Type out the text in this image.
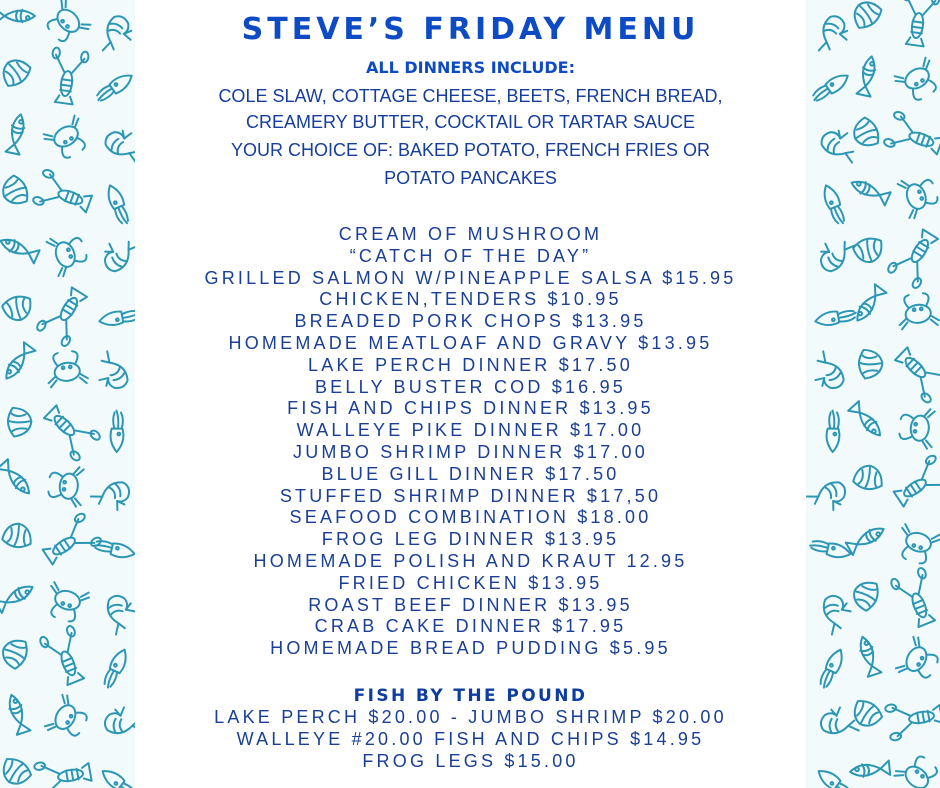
STEVE’S FRIDAY MENU
ALL DINNERS INCLUDE:
COLE SLAW, COTTAGE CHEESE, BEETS, FRENCH BREAD,
CREAMERY BUTTER, COCKTAIL OR TARTAR SAUCE
YOUR CHOICE OF: BAKED POTATO, FRENCH FRIES OR
POTATO PANCAKES
CREAM OF MUSHROOM
“CATCH OF THE DAY”
GRILLED SALMON W/PINEAPPLE SALSA $15.95
CHICKEN,TENDERS $10.95
BREADED PORK CHOPS $13.95
HOMEMADE MEATLOAF AND GRAVY $13.95
LAKE PERCH DINNER $17.50
BELLY BUSTER COD $16.95
FISH AND CHIPS DINNER $13.95
WALLEYE PIKE DINNER $17.00
JUMBO SHRIMP DINNER $17.00
BLUE GILL DINNER $17.50
STUFFED SHRIMP DINNER $17,50
SEAFOOD COMBINATION $18.00
FROG LEG DINNER $13.95
HOMEMADE POLISH AND KRAUT 12.95
FRIED CHICKEN $13.95
ROAST BEEF DINNER $13.95
CRAB CAKE DINNER $17.95
HOMEMADE BREAD PUDDING $5.95
FISH BY THE POUND
LAKE PERCH $20.00 - JUMBO SHRIMP $20.00
WALLEYE #20.00 FISH AND CHIPS $14.95
FROG LEGS $15.00
